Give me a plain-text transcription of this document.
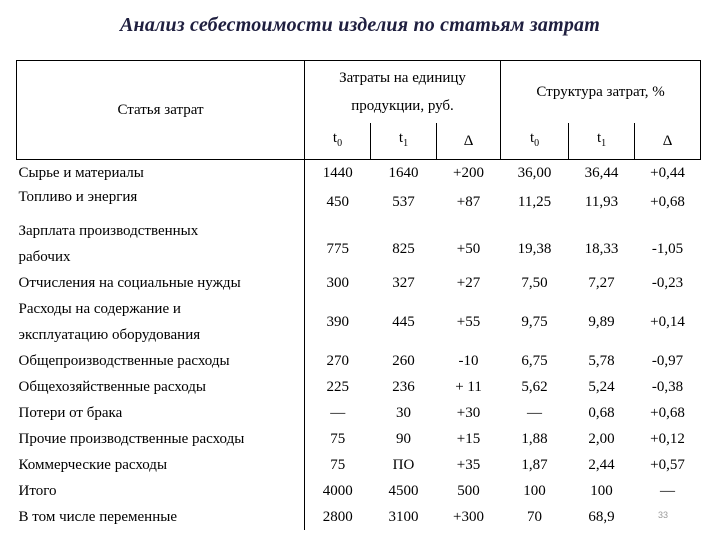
Анализ себестоимости изделия по статьям затрат
Статья затрат	Затраты на единицу
продукции, руб.			Структура затрат, %		
	$t_0$	$t_1$	Δ	$t_0$	$t_1$	Δ
Сырье и материалы	1440	1640	+200	36,00	36,44	+0,44
Топливо и энергия	450	537	+87	11,25	11,93	+0,68

Зарплата производственных
рабочих	775	825	+50	19,38	18,33	-1,05
Отчисления на социальные нужды	300	327	+27	7,50	7,27	-0,23

Расходы на содержание и
эксплуатацию оборудования	390	445	+55	9,75	9,89	+0,14
Общепроизводственные расходы	270	260	-10	6,75	5,78	-0,97
Общехозяйственные расходы	225	236	+ 11	5,62	5,24	-0,38
Потери от брака	—	30	+30	—	0,68	+0,68
Прочие производственные расходы	75	90	+15	1,88	2,00	+0,12
Коммерческие расходы	75	ПО	+35	1,87	2,44	+0,57
Итого	4000	4500	500	100	100	—
В том числе переменные	2800	3100	+300	70	68,9		33
